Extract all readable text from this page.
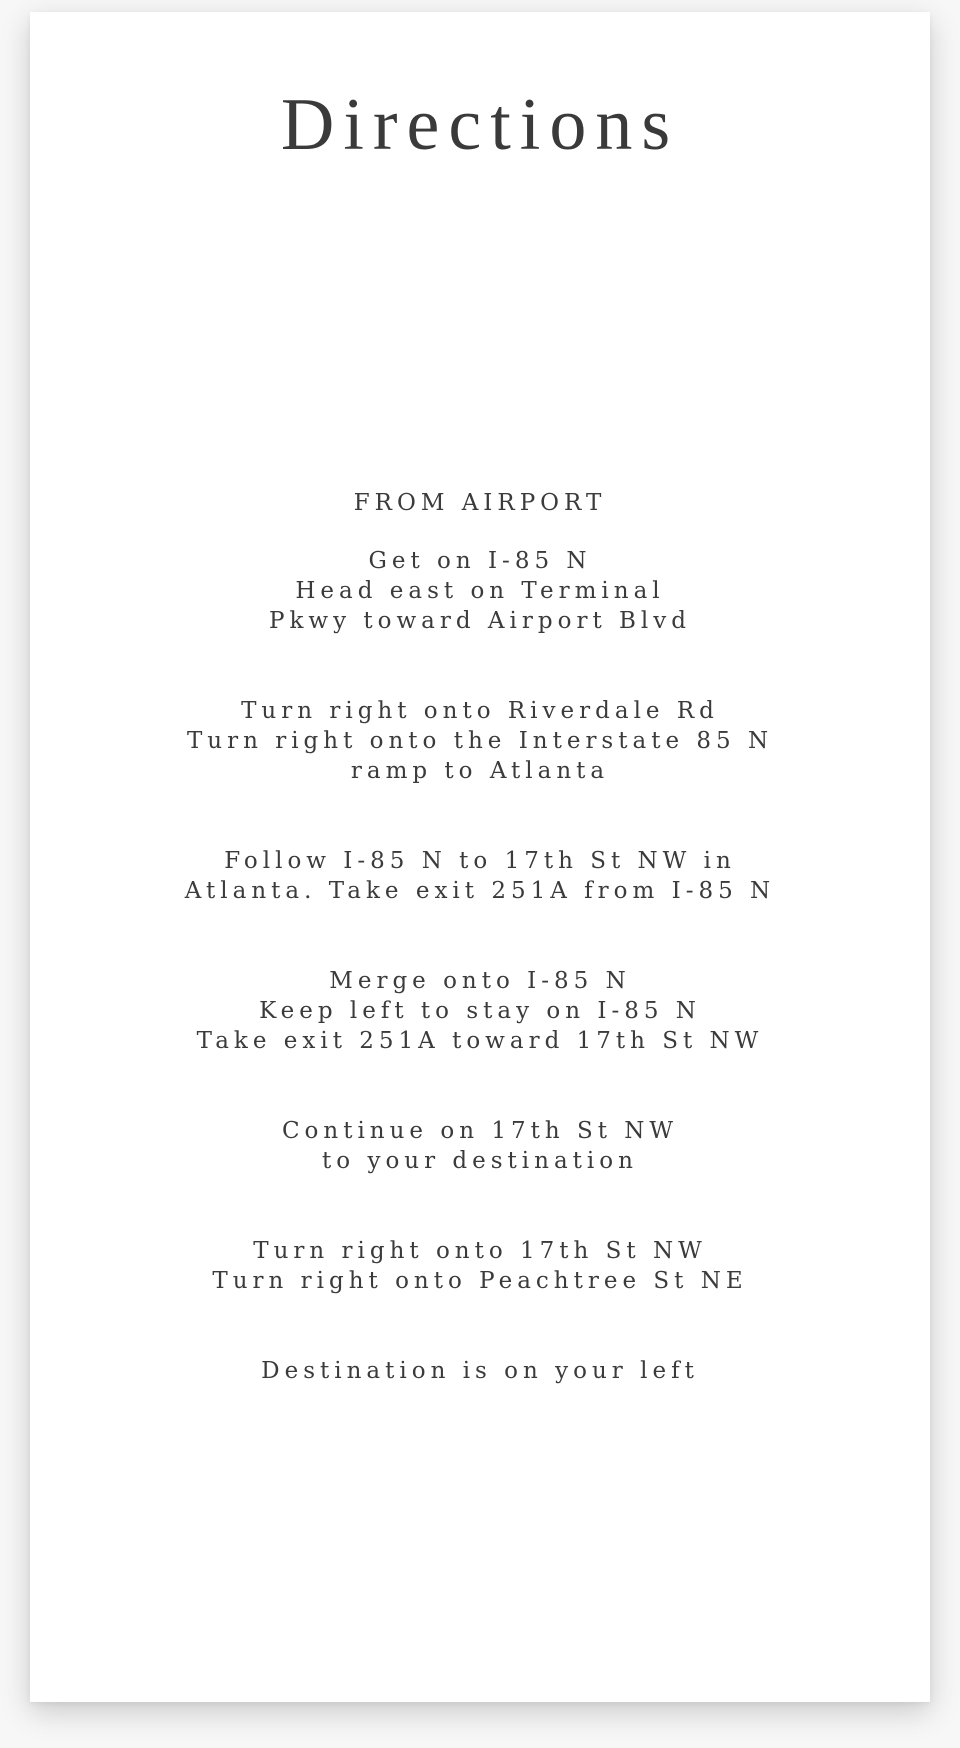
Directions
FROM AIRPORT
Get on I-85 N
Head east on Terminal
Pkwy toward Airport Blvd
Turn right onto Riverdale Rd
Turn right onto the Interstate 85 N
ramp to Atlanta
Follow I-85 N to 17th St NW in
Atlanta. Take exit 251A from I-85 N
Merge onto I-85 N
Keep left to stay on I-85 N
Take exit 251A toward 17th St NW
Continue on 17th St NW
to your destination
Turn right onto 17th St NW
Turn right onto Peachtree St NE
Destination is on your left
